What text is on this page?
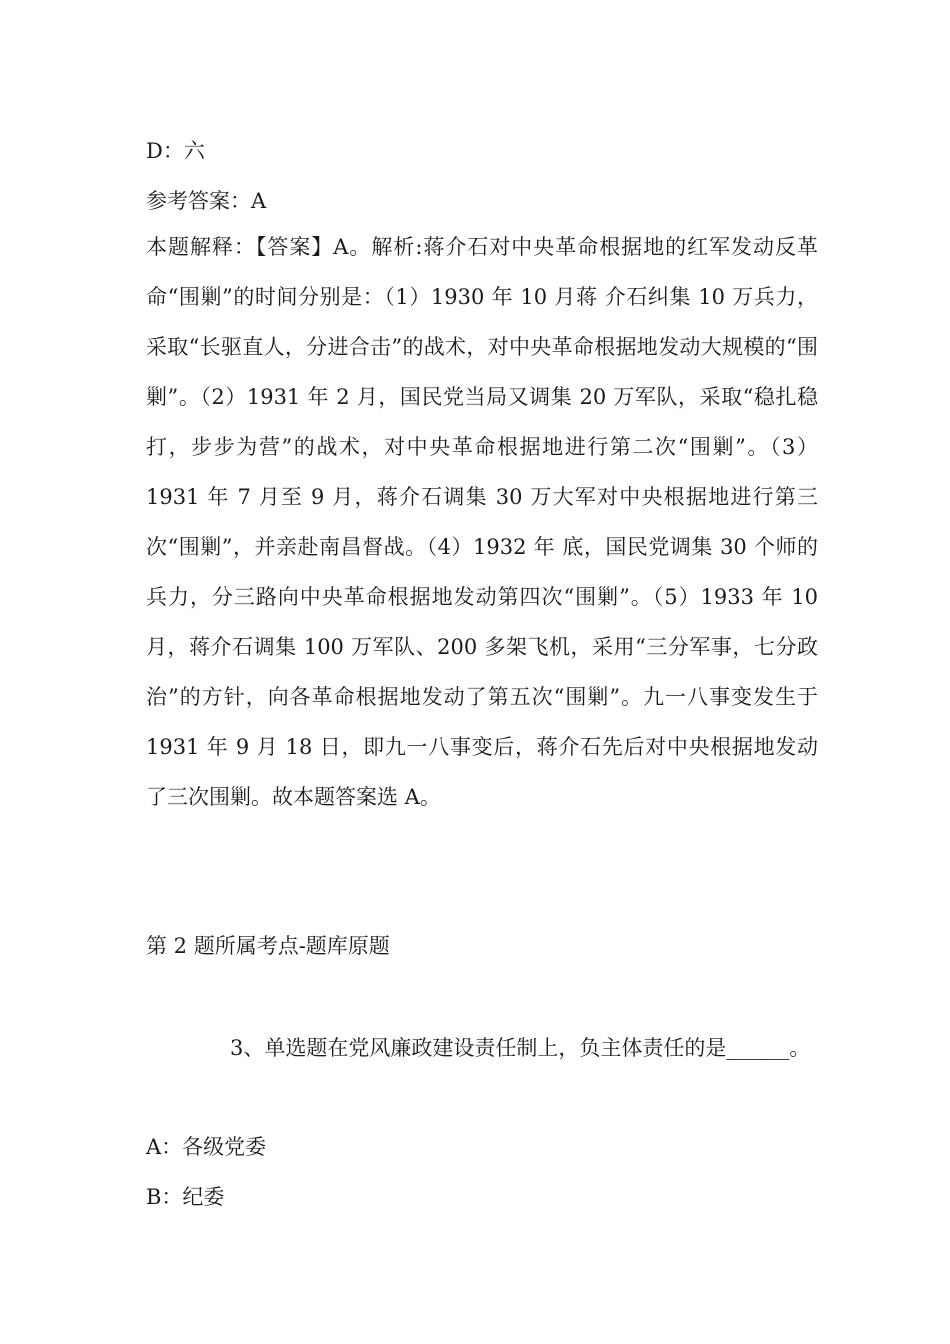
D：六
参考答案：A
本题解释：【答案】A。解析:蒋介石对中央革命根据地的红军发动反革命“围剿”的时间分别是：（1）1930 年 10 月蒋 介石纠集 10 万兵力，采取“长驱直人，分进合击”的战术，对中央革命根据地发动大规模的“围剿”。（2）1931 年 2 月，国民党当局又调集 20 万军队，采取“稳扎稳打，步步为营”的战术，对中央革命根据地进行第二次“围剿”。（3）1931 年 7 月至 9 月，蒋介石调集 30 万大军对中央根据地进行第三次“围剿”，并亲赴南昌督战。（4）1932 年 底，国民党调集 30 个师的兵力，分三路向中央革命根据地发动第四次“围剿”。（5）1933 年 10 月，蒋介石调集 100 万军队、200 多架飞机，采用“三分军事，七分政治”的方针，向各革命根据地发动了第五次“围剿”。九一八事变发生于 1931 年 9 月 18 日，即九一八事变后，蒋介石先后对中央根据地发动了三次围剿。故本题答案选 A。
第 2 题所属考点-题库原题
3、单选题在党风廉政建设责任制上，负主体责任的是______。
A：各级党委
B：纪委
